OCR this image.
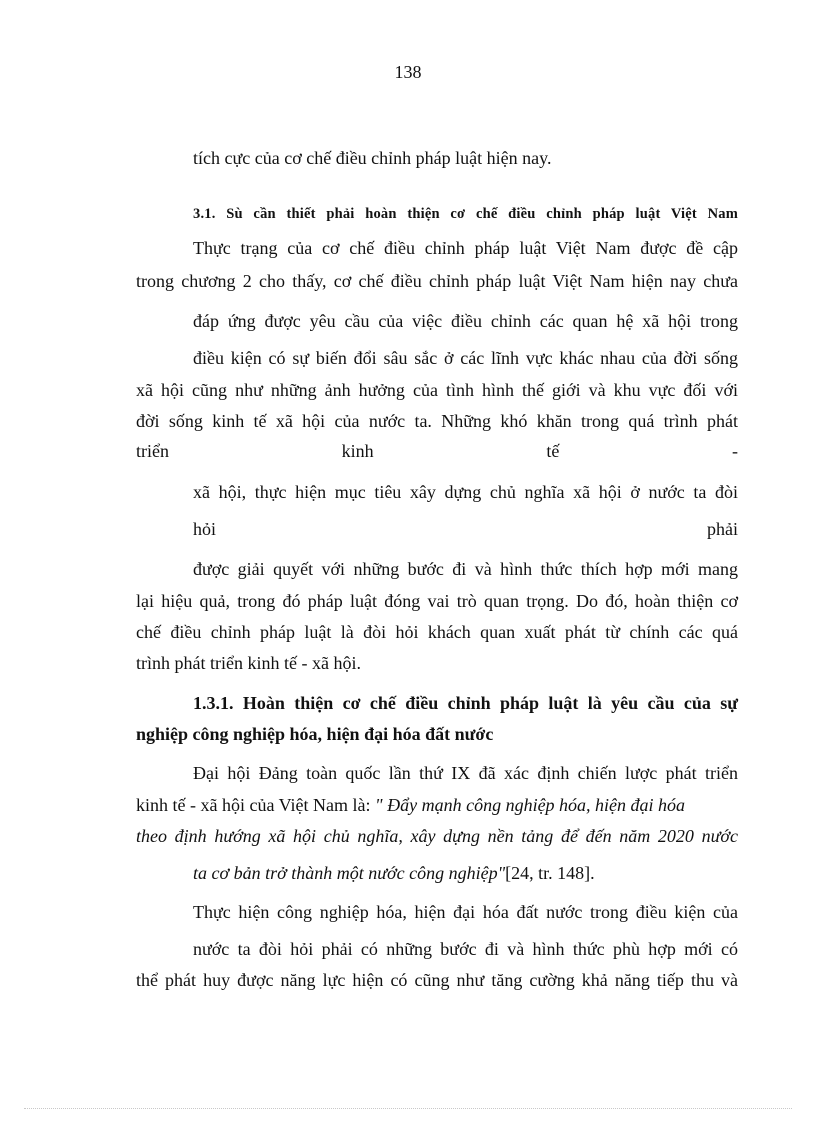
138
tích cực của cơ chế điều chỉnh pháp luật hiện nay.
3.1. Sù cần thiết phải hoàn thiện cơ chế điều chỉnh pháp luật Việt Nam
Thực trạng của cơ chế điều chỉnh pháp luật Việt Nam được đề cập
trong chương 2 cho thấy, cơ chế điều chỉnh pháp luật Việt Nam hiện nay chưa
đáp ứng được yêu cầu của việc điều chỉnh các quan hệ xã hội trong
điều kiện có sự biến đổi sâu sắc ở các lĩnh vực khác nhau của đời sống
xã hội cũng như những ảnh hưởng của tình hình thế giới và khu vực đối với
đời sống kinh tế xã hội của nước ta. Những khó khăn trong quá trình phát
triển	kinh	tế	-
xã hội, thực hiện mục tiêu xây dựng chủ nghĩa xã hội ở nước ta đòi
hỏi	phải
được giải quyết với những bước đi và hình thức thích hợp mới mang
lại hiệu quả, trong đó pháp luật đóng vai trò quan trọng. Do đó, hoàn thiện cơ
chế điều chỉnh pháp luật là đòi hỏi khách quan xuất phát từ chính các quá
trình phát triển kinh tế - xã hội.
1.3.1. Hoàn thiện cơ chế điều chỉnh pháp luật là yêu cầu của sự
nghiệp công nghiệp hóa, hiện đại hóa đất nước
Đại hội Đảng toàn quốc lần thứ IX đã xác định chiến lược phát triển
kinh tế - xã hội của Việt Nam là: " Đẩy mạnh công nghiệp hóa, hiện đại hóa
theo định hướng xã hội chủ nghĩa, xây dựng nền tảng để đến năm 2020 nước
ta cơ bản trở thành một nước công nghiệp"[24, tr. 148].
Thực hiện công nghiệp hóa, hiện đại hóa đất nước trong điều kiện của
nước ta đòi hỏi phải có những bước đi và hình thức phù hợp mới có
thể phát huy được năng lực hiện có cũng như tăng cường khả năng tiếp thu và
